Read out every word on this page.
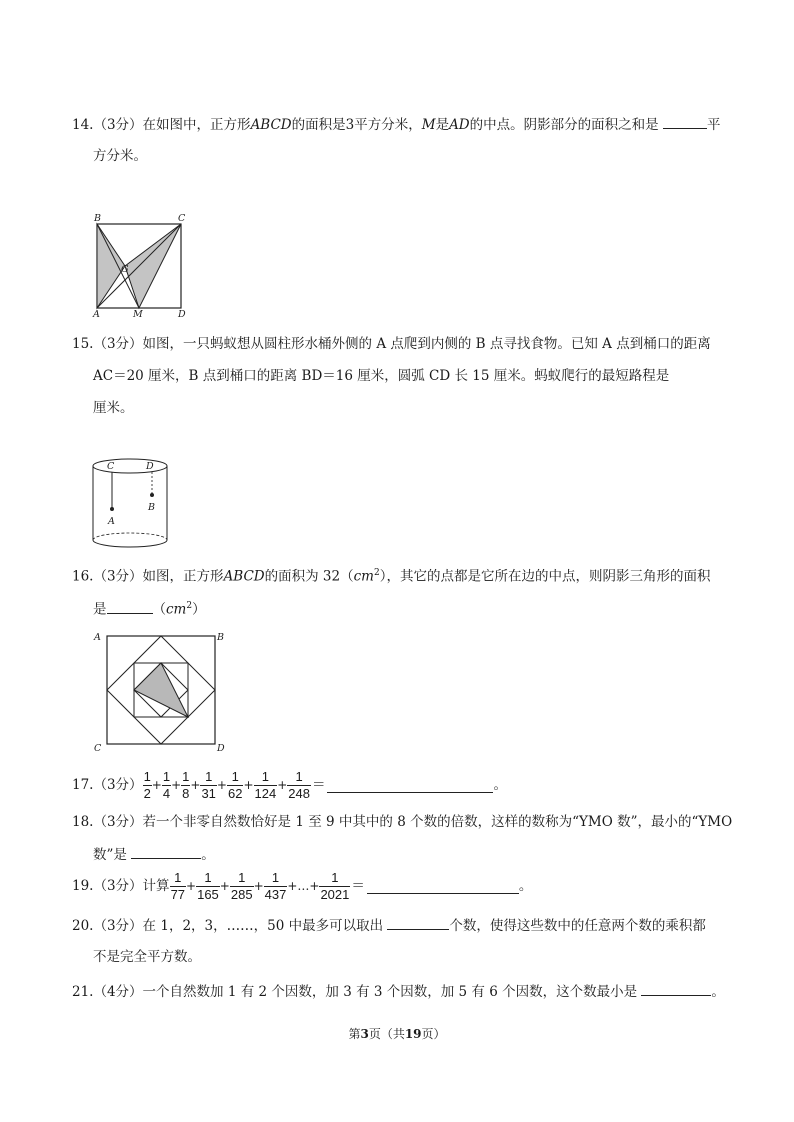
14.（3分）在如图中，正方形ABCD的面积是3平方分米，M是AD的中点。阴影部分的面积之和是	平
方分米。
B	C
G
A	M	D
15.（3分）如图，一只蚂蚁想从圆柱形水桶外侧的 A 点爬到内侧的 B 点寻找食物。已知 A 点到桶口的距离
AC＝20 厘米，B 点到桶口的距离 BD＝16 厘米，圆弧 CD 长 15 厘米。蚂蚁爬行的最短路程是
厘米。
C	D
A
B
16.（3分）如图，正方形ABCD的面积为 $32(cm^2)$，其它的点都是它所在边的中点，则阴影三角形的面积
是	$(cm^2)$
A	B
C	D
17.（3分） $\frac{1}{2} + \frac{1}{4} + \frac{1}{8} + \frac{1}{31} + \frac{1}{62} + \frac{1}{124} + \frac{1}{248}$ ＝	。
18.（3分）若一个非零自然数恰好是 1 至 9 中其中的 8 个数的倍数，这样的数称为“YMO 数”，最小的“YMO
数”是	。
19.（3分）计算 $\frac{1}{77} + \frac{1}{165} + \frac{1}{285} + \frac{1}{437}$ +…+ $\frac{1}{2021}$ ＝	。
20.（3分）在 1，2，3，……，50 中最多可以取出	个数，使得这些数中的任意两个数的乘积都
不是完全平方数。
21.（4分）一个自然数加 1 有 2 个因数，加 3 有 3 个因数，加 5 有 6 个因数，这个数最小是	。
第3页（共19页）
